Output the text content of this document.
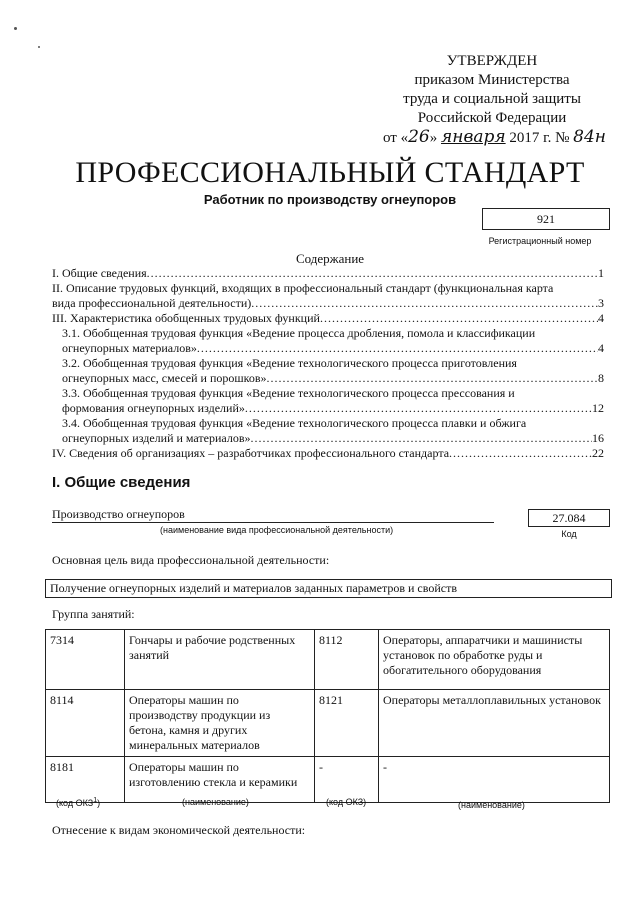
УТВЕРЖДЕН
приказом Министерства
труда и социальной защиты
Российской Федерации
от «26» января 2017 г. № 84н
ПРОФЕССИОНАЛЬНЫЙ СТАНДАРТ
Работник по производству огнеупоров
921
Регистрационный номер
Содержание
I. Общие сведения .....	1
II. Описание трудовых функций, входящих в профессиональный стандарт (функциональная карта
вида профессиональной деятельности) .....	3
III. Характеристика обобщенных трудовых функций .....	4
3.1. Обобщенная трудовая функция «Ведение процесса дробления, помола и классификации
огнеупорных материалов» .....	4
3.2. Обобщенная трудовая функция «Ведение технологического процесса приготовления
огнеупорных масс, смесей и порошков» .....	8
3.3. Обобщенная трудовая функция «Ведение технологического процесса прессования и
формования огнеупорных изделий» .....	12
3.4. Обобщенная трудовая функция «Ведение технологического процесса плавки и обжига
огнеупорных изделий и материалов» .....	16
IV. Сведения об организациях – разработчиках профессионального стандарта .....	22
I. Общие сведения
Производство огнеупоров
(наименование вида профессиональной деятельности)
27.084
Код
Основная цель вида профессиональной деятельности:
Получение огнеупорных изделий и материалов заданных параметров и свойств
Группа занятий:
7314	Гончары и рабочие родственных занятий	8112	Операторы, аппаратчики и машинисты установок по обработке руды и обогатительного оборудования
8114	Операторы машин по производству продукции из бетона, камня и других минеральных материалов	8121	Операторы металлоплавильных установок
8181	Операторы машин по изготовлению стекла и керамики	-	-
(код ОКЗ$^1$)	(наименование)	(код ОКЗ)	(наименование)
Отнесение к видам экономической деятельности:
